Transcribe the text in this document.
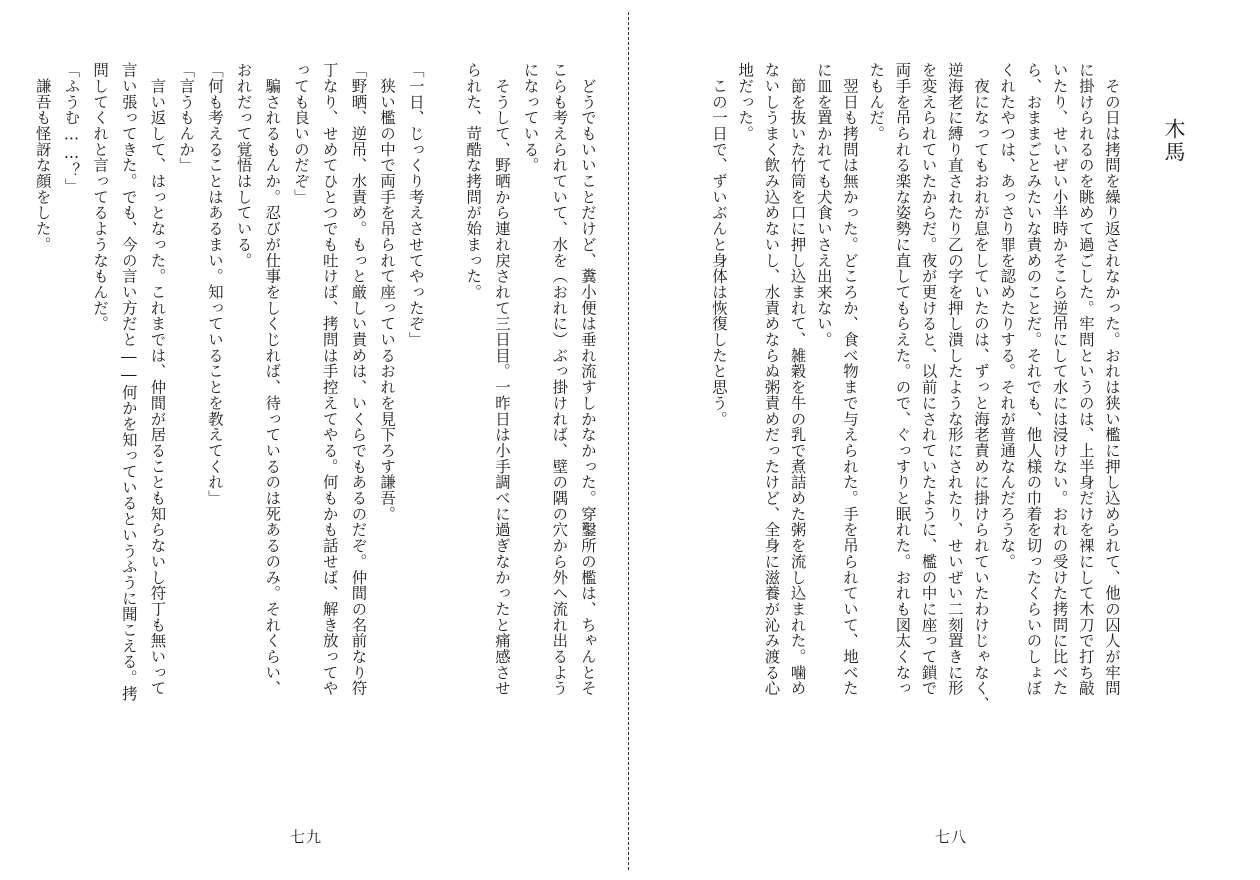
　どうでもいいことだけど、糞小便は垂れ流すしかなかった。穿鑿所の檻は、ちゃんとそ
こらも考えられていて、水を（おれに）ぶっ掛ければ、壁の隅の穴から外へ流れ出るよう
になっている。
　そうして、野晒から連れ戻されて三日目。一昨日は小手調べに過ぎなかったと痛感させ
られた、苛酷な拷問が始まった。
「一日、じっくり考えさせてやったぞ」
　狭い檻の中で両手を吊られて座っているおれを見下ろす謙吾。
「野晒、逆吊、水責め。もっと厳しい責めは、いくらでもあるのだぞ。仲間の名前なり符
丁なり、せめてひとつでも吐けば、拷問は手控えてやる。何もかも話せば、解き放ってや
っても良いのだぞ」
　騙されるもんか。忍びが仕事をしくじれば、待っているのは死あるのみ。それくらい、
おれだって覚悟はしている。
「何も考えることはあるまい。知っていることを教えてくれ」
「言うもんか」
　言い返して、はっとなった。これまでは、仲間が居ることも知らないし符丁も無いって
言い張ってきた。でも、今の言い方だと――何かを知っているというふうに聞こえる。拷
問してくれと言ってるようなもんだ。
「ふうむ……？」
　謙吾も怪訝な顔をした。
七九
　その日は拷問を繰り返されなかった。おれは狭い檻に押し込められて、他の囚人が牢問
に掛けられるのを眺めて過ごした。牢問というのは、上半身だけを裸にして木刀で打ち敲
いたり、せいぜい小半時かそこら逆吊にして水には浸けない。おれの受けた拷問に比べた
ら、おままごとみたいな責めのことだ。それでも、他人様の巾着を切ったくらいのしょぼ
くれたやつは、あっさり罪を認めたりする。それが普通なんだろうな。
　夜になってもおれが息をしていたのは、ずっと海老責めに掛けられていたわけじゃなく、
逆海老に縛り直されたり乙の字を押し潰したような形にされたり、せいぜい二刻置きに形
を変えられていたからだ。夜が更けると、以前にされていたように、檻の中に座って鎖で
両手を吊られる楽な姿勢に直してもらえた。ので、ぐっすりと眠れた。おれも図太くなっ
たもんだ。
　翌日も拷問は無かった。どころか、食べ物まで与えられた。手を吊られていて、地べた
に皿を置かれても犬食いさえ出来ない。
　節を抜いた竹筒を口に押し込まれて、雑穀を牛の乳で煮詰めた粥を流し込まれた。噛め
ないしうまく飲み込めないし、水責めならぬ粥責めだったけど、全身に滋養が沁み渡る心
地だった。
　この一日で、ずいぶんと身体は恢復したと思う。
七八
木馬
